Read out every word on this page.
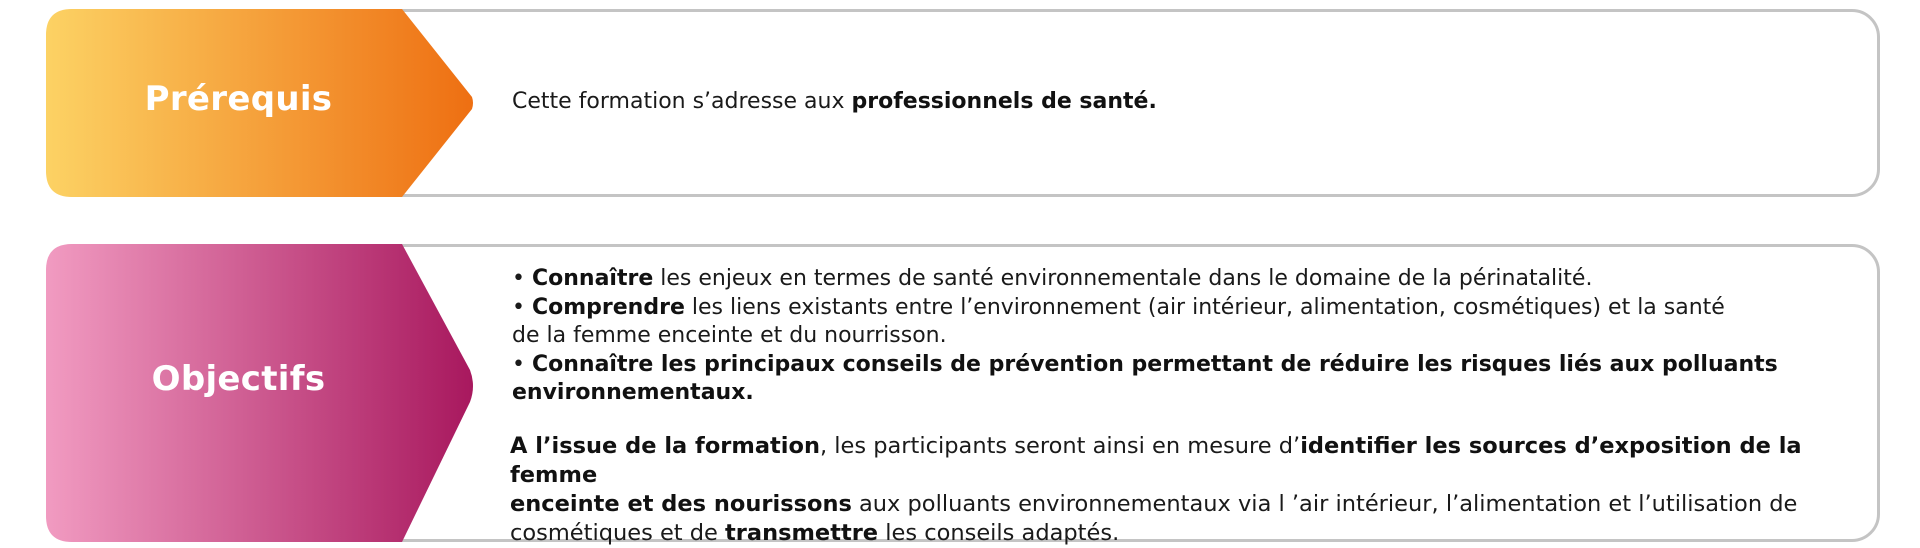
Prérequis	Cette formation s’adresse aux professionnels de santé.
Objectifs

• Connaître les enjeux en termes de santé environnementale dans le domaine de la périnatalité.

• Comprendre les liens existants entre l’environnement (air intérieur, alimentation, cosmétiques) et la santé
de la femme enceinte et du nourrisson.

• Connaître les principaux conseils de prévention permettant de réduire les risques liés aux polluants
environnementaux.

A l’issue de la formation, les participants seront ainsi en mesure d’identifier les sources d’exposition de la femme
enceinte et des nourissons aux polluants environnementaux via l ’air intérieur, l’alimentation et l’utilisation de
cosmétiques et de transmettre les conseils adaptés.
